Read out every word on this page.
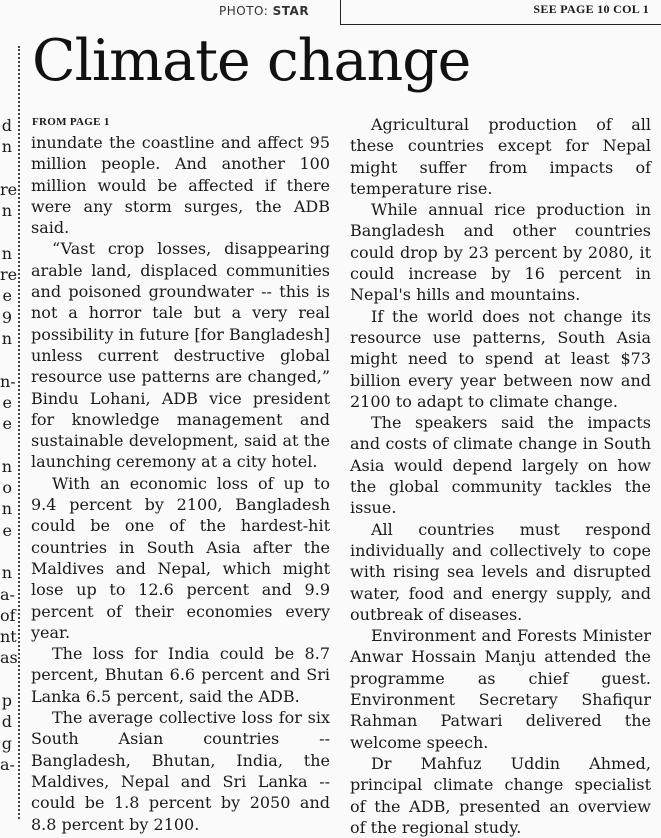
SEE PAGE 10 COL 1
PHOTO: STAR
d
n
re
n
n
re
e
9
n
n-
e
e
n
o
n
e
n
a-
of
nt
as
p
d
g
a-
Climate change
FROM PAGE 1

inundate the coastline and affect 95 million people. And another 100 million would be affected if there were any storm surges, the ADB said.

“Vast crop losses, disappearing arable land, displaced communities and poisoned groundwater -- this is not a horror tale but a very real possibility in future [for Bangladesh] unless current destructive global resource use patterns are changed,” Bindu Lohani, ADB vice president for knowledge management and sustainable development, said at the launching ceremony at a city hotel.

With an economic loss of up to 9.4 percent by 2100, Bangladesh could be one of the hardest-hit countries in South Asia after the Maldives and Nepal, which might lose up to 12.6 percent and 9.9 percent of their economies every year.

The loss for India could be 8.7 percent, Bhutan 6.6 percent and Sri Lanka 6.5 percent, said the ADB.

The average collective loss for six South Asian countries -- Bangladesh, Bhutan, India, the Maldives, Nepal and Sri Lanka -- could be 1.8 percent by 2050 and 8.8 percent by 2100.

Agricultural production of all these countries except for Nepal might suffer from impacts of temperature rise.

While annual rice production in Bangladesh and other countries could drop by 23 percent by 2080, it could increase by 16 percent in Nepal's hills and mountains.

If the world does not change its resource use patterns, South Asia might need to spend at least $73 billion every year between now and 2100 to adapt to climate change.

The speakers said the impacts and costs of climate change in South Asia would depend largely on how the global community tackles the issue.

All countries must respond individually and collectively to cope with rising sea levels and disrupted water, food and energy supply, and outbreak of diseases.

Environment and Forests Minister Anwar Hossain Manju attended the programme as chief guest. Environment Secretary Shafiqur Rahman Patwari delivered the welcome speech.

Dr Mahfuz Uddin Ahmed, principal climate change specialist of the ADB, presented an overview of the regional study.
